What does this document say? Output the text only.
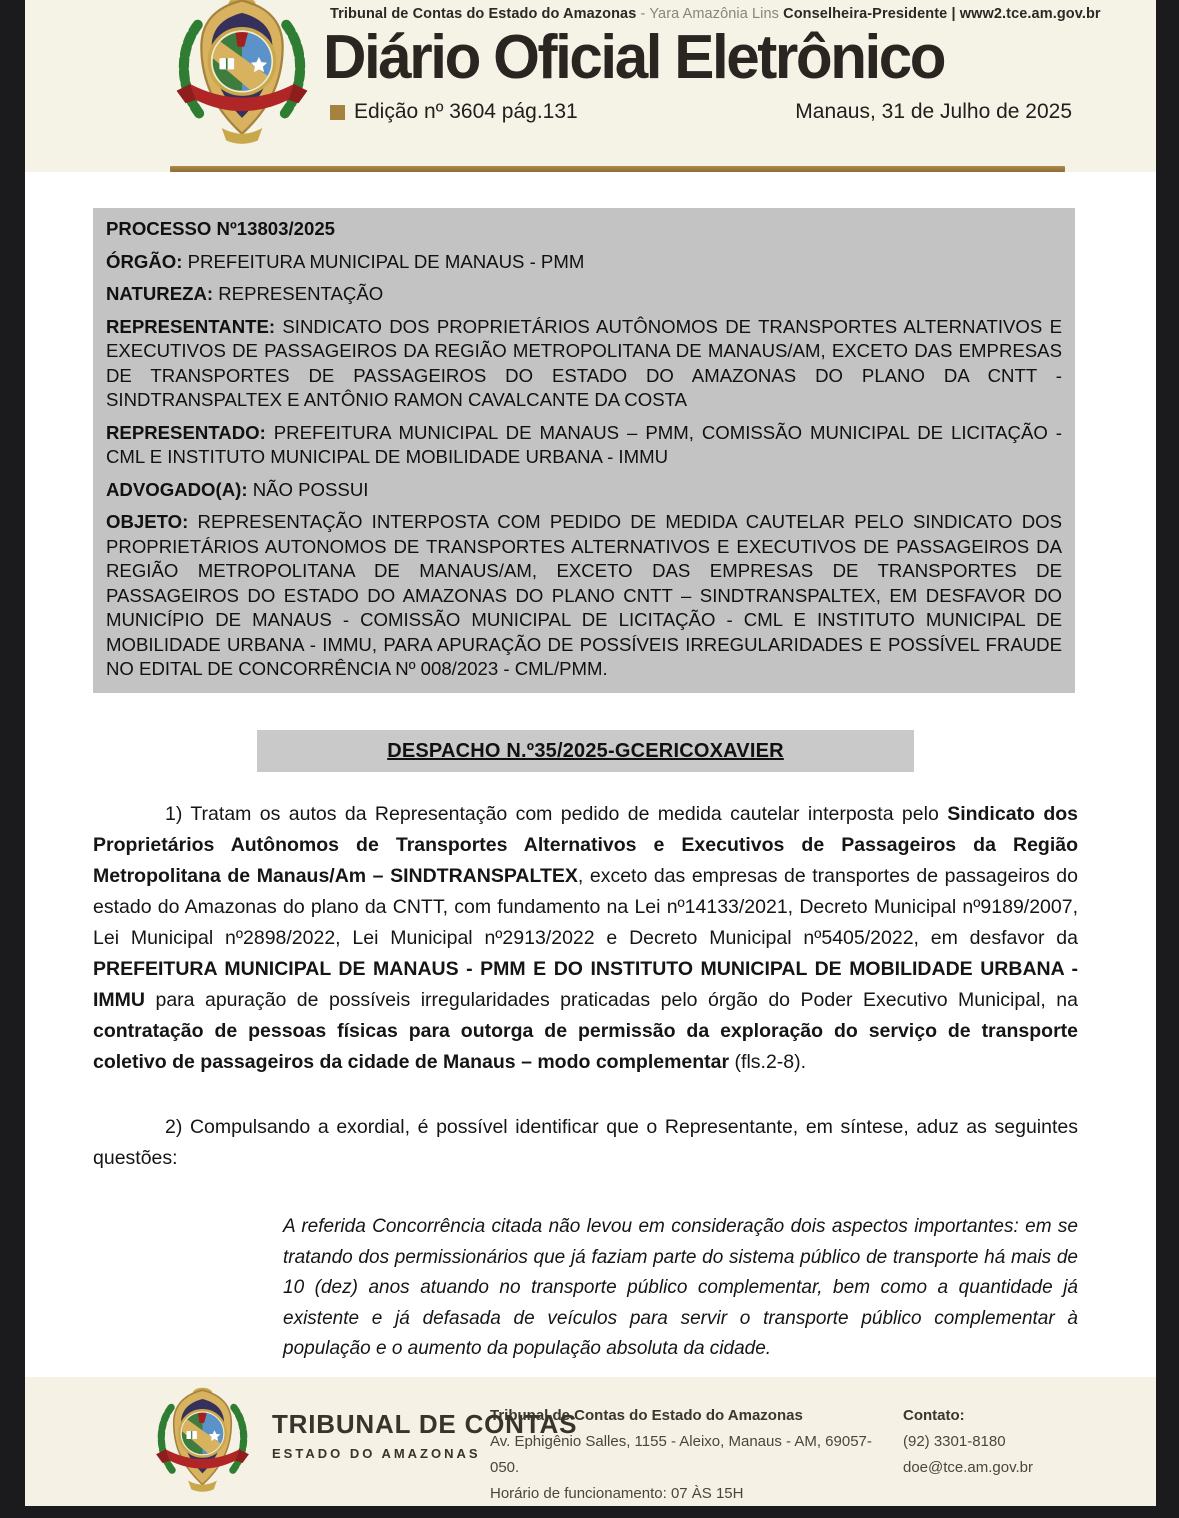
Tribunal de Contas do Estado do Amazonas - Yara Amazônia Lins Conselheira-Presidente | www2.tce.am.gov.br
Diário Oficial Eletrônico
Edição nº 3604 pág.131	Manaus, 31 de Julho de 2025

PROCESSO Nº13803/2025

ÓRGÃO: PREFEITURA MUNICIPAL DE MANAUS - PMM

NATUREZA: REPRESENTAÇÃO

REPRESENTANTE: SINDICATO DOS PROPRIETÁRIOS AUTÔNOMOS DE TRANSPORTES ALTERNATIVOS E EXECUTIVOS DE PASSAGEIROS DA REGIÃO METROPOLITANA DE MANAUS/AM, EXCETO DAS EMPRESAS DE TRANSPORTES DE PASSAGEIROS DO ESTADO DO AMAZONAS DO PLANO DA CNTT - SINDTRANSPALTEX E ANTÔNIO RAMON CAVALCANTE DA COSTA

REPRESENTADO: PREFEITURA MUNICIPAL DE MANAUS – PMM, COMISSÃO MUNICIPAL DE LICITAÇÃO - CML E INSTITUTO MUNICIPAL DE MOBILIDADE URBANA - IMMU

ADVOGADO(A): NÃO POSSUI

OBJETO: REPRESENTAÇÃO INTERPOSTA COM PEDIDO DE MEDIDA CAUTELAR PELO SINDICATO DOS PROPRIETÁRIOS AUTONOMOS DE TRANSPORTES ALTERNATIVOS E EXECUTIVOS DE PASSAGEIROS DA REGIÃO METROPOLITANA DE MANAUS/AM, EXCETO DAS EMPRESAS DE TRANSPORTES DE PASSAGEIROS DO ESTADO DO AMAZONAS DO PLANO CNTT – SINDTRANSPALTEX, EM DESFAVOR DO MUNICÍPIO DE MANAUS - COMISSÃO MUNICIPAL DE LICITAÇÃO - CML E INSTITUTO MUNICIPAL DE MOBILIDADE URBANA - IMMU, PARA APURAÇÃO DE POSSÍVEIS IRREGULARIDADES E POSSÍVEL FRAUDE NO EDITAL DE CONCORRÊNCIA Nº 008/2023 - CML/PMM.

DESPACHO N.º35/2025-GCERICOXAVIER
1) Tratam os autos da Representação com pedido de medida cautelar interposta pelo Sindicato dos Proprietários Autônomos de Transportes Alternativos e Executivos de Passageiros da Região Metropolitana de Manaus/Am – SINDTRANSPALTEX, exceto das empresas de transportes de passageiros do estado do Amazonas do plano da CNTT, com fundamento na Lei nº14133/2021, Decreto Municipal nº9189/2007, Lei Municipal nº2898/2022, Lei Municipal nº2913/2022 e Decreto Municipal nº5405/2022, em desfavor da PREFEITURA MUNICIPAL DE MANAUS - PMM E DO INSTITUTO MUNICIPAL DE MOBILIDADE URBANA - IMMU para apuração de possíveis irregularidades praticadas pelo órgão do Poder Executivo Municipal, na contratação de pessoas físicas para outorga de permissão da exploração do serviço de transporte coletivo de passageiros da cidade de Manaus – modo complementar (fls.2-8).
2) Compulsando a exordial, é possível identificar que o Representante, em síntese, aduz as seguintes questões:
A referida Concorrência citada não levou em consideração dois aspectos importantes: em se tratando dos permissionários que já faziam parte do sistema público de transporte há mais de 10 (dez) anos atuando no transporte público complementar, bem como a quantidade já existente e já defasada de veículos para servir o transporte público complementar à população e o aumento da população absoluta da cidade.
TRIBUNAL DE CONTAS
ESTADO DO AMAZONAS
Tribunal de Contas do Estado do Amazonas
Av. Ephigênio Salles, 1155 - Aleixo, Manaus - AM, 69057-050.
Horário de funcionamento: 07 ÀS 15H
Contato:
(92) 3301-8180
doe@tce.am.gov.br
